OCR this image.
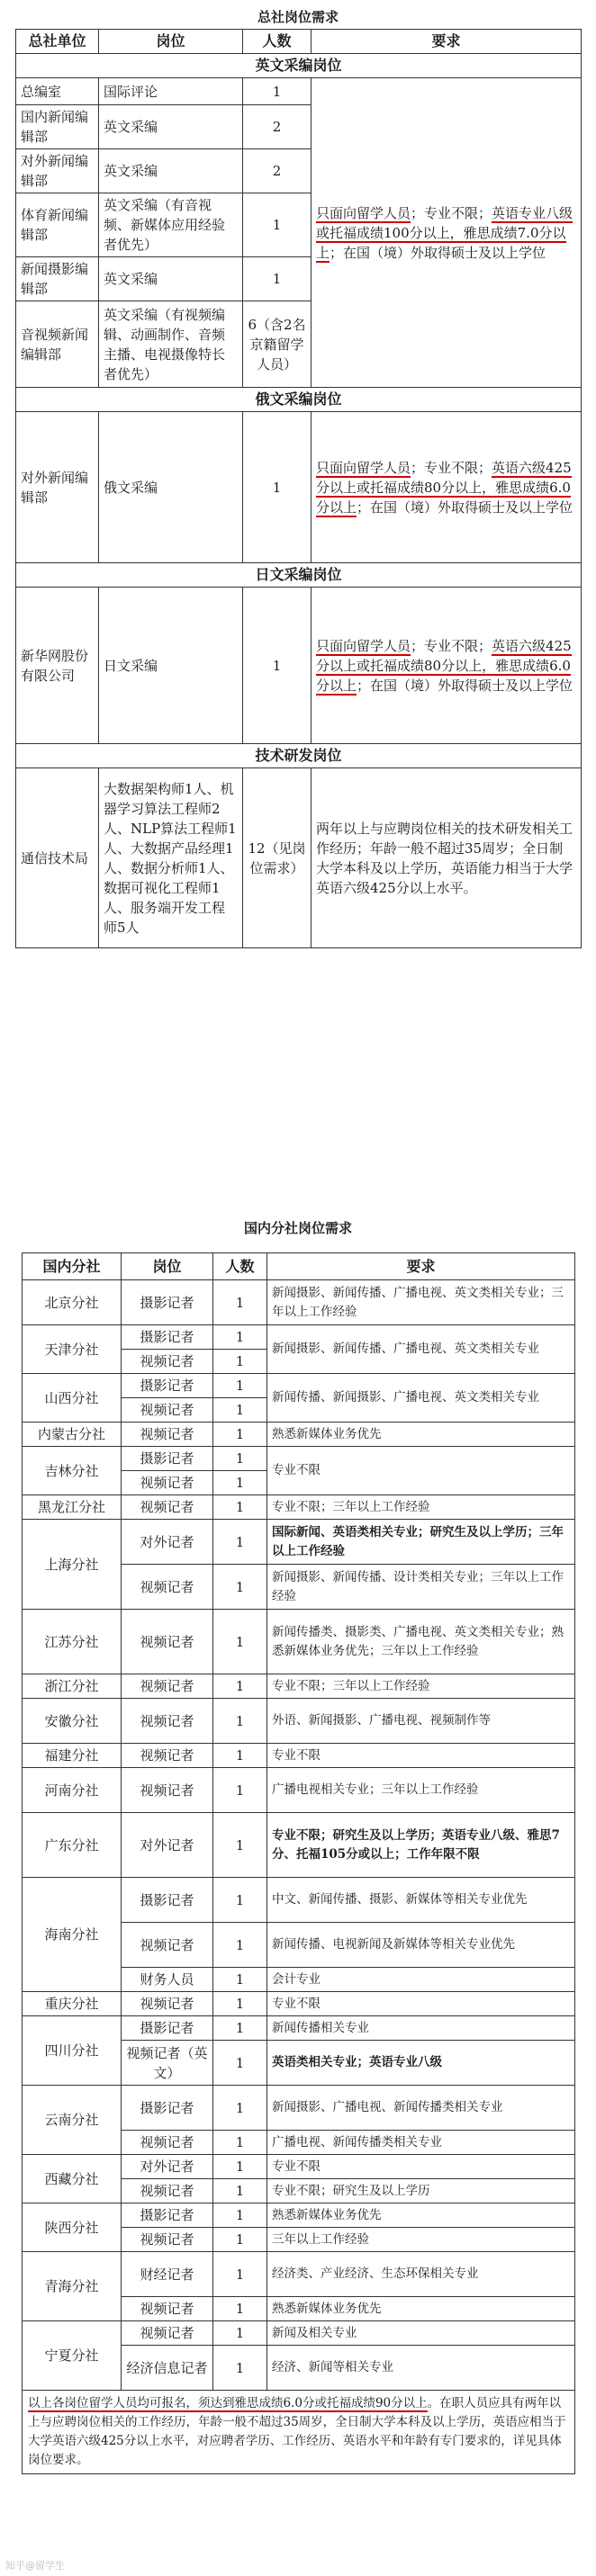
总社岗位需求
总社单位	岗位	人数	要求
英文采编岗位			
总编室	国际评论	1	只面向留学人员；专业不限；英语专业八级或托福成绩100分以上，雅思成绩7.0分以上；在国（境）外取得硕士及以上学位
国内新闻编辑部	英文采编	2	
对外新闻编辑部	英文采编	2	
体育新闻编辑部	英文采编（有音视频、新媒体应用经验者优先）	1	
新闻摄影编辑部	英文采编	1	
音视频新闻编辑部	英文采编（有视频编辑、动画制作、音频主播、电视摄像特长者优先）	6（含2名京籍留学人员）	
俄文采编岗位			
对外新闻编辑部	俄文采编	1	只面向留学人员；专业不限；英语六级425分以上或托福成绩80分以上，雅思成绩6.0分以上；在国（境）外取得硕士及以上学位
日文采编岗位			
新华网股份有限公司	日文采编	1	只面向留学人员；专业不限；英语六级425分以上或托福成绩80分以上，雅思成绩6.0分以上；在国（境）外取得硕士及以上学位
技术研发岗位			
通信技术局	大数据架构师1人、机器学习算法工程师2人、NLP算法工程师1人、大数据产品经理1人、数据分析师1人、数据可视化工程师1人、服务端开发工程师5人	12（见岗位需求）	两年以上与应聘岗位相关的技术研发相关工作经历；年龄一般不超过35周岁；全日制大学本科及以上学历，英语能力相当于大学英语六级425分以上水平。
国内分社岗位需求
国内分社	岗位	人数	要求
北京分社	摄影记者	1	新闻摄影、新闻传播、广播电视、英文类相关专业；三年以上工作经验
天津分社	摄影记者	1	新闻摄影、新闻传播、广播电视、英文类相关专业
	视频记者	1	
山西分社	摄影记者	1	新闻传播、新闻摄影、广播电视、英文类相关专业
	视频记者	1	
内蒙古分社	视频记者	1	熟悉新媒体业务优先
吉林分社	摄影记者	1	专业不限
	视频记者	1	
黑龙江分社	视频记者	1	专业不限；三年以上工作经验
上海分社	对外记者	1	国际新闻、英语类相关专业；研究生及以上学历；三年以上工作经验
	视频记者	1	新闻摄影、新闻传播、设计类相关专业；三年以上工作经验
江苏分社	视频记者	1	新闻传播类、摄影类、广播电视、英文类相关专业；熟悉新媒体业务优先；三年以上工作经验
浙江分社	视频记者	1	专业不限；三年以上工作经验
安徽分社	视频记者	1	外语、新闻摄影、广播电视、视频制作等
福建分社	视频记者	1	专业不限
河南分社	视频记者	1	广播电视相关专业；三年以上工作经验
广东分社	对外记者	1	专业不限；研究生及以上学历；英语专业八级、雅思7分、托福105分或以上；工作年限不限
海南分社	摄影记者	1	中文、新闻传播、摄影、新媒体等相关专业优先
	视频记者	1	新闻传播、电视新闻及新媒体等相关专业优先
	财务人员	1	会计专业
重庆分社	视频记者	1	专业不限
四川分社	摄影记者	1	新闻传播相关专业
	视频记者（英文）	1	英语类相关专业；英语专业八级
云南分社	摄影记者	1	新闻摄影、广播电视、新闻传播类相关专业
	视频记者	1	广播电视、新闻传播类相关专业
西藏分社	对外记者	1	专业不限
	视频记者	1	专业不限；研究生及以上学历
陕西分社	摄影记者	1	熟悉新媒体业务优先
	视频记者	1	三年以上工作经验
青海分社	财经记者	1	经济类、产业经济、生态环保相关专业
	视频记者	1	熟悉新媒体业务优先
宁夏分社	视频记者	1	新闻及相关专业
	经济信息记者	1	经济、新闻等相关专业
以上各岗位留学人员均可报名，须达到雅思成绩6.0分或托福成绩90分以上。在职人员应具有两年以上与应聘岗位相关的工作经历，年龄一般不超过35周岁，全日制大学本科及以上学历，英语应相当于大学英语六级425分以上水平，对应聘者学历、工作经历、英语水平和年龄有专门要求的，详见具体岗位要求。			
知乎@留学生
